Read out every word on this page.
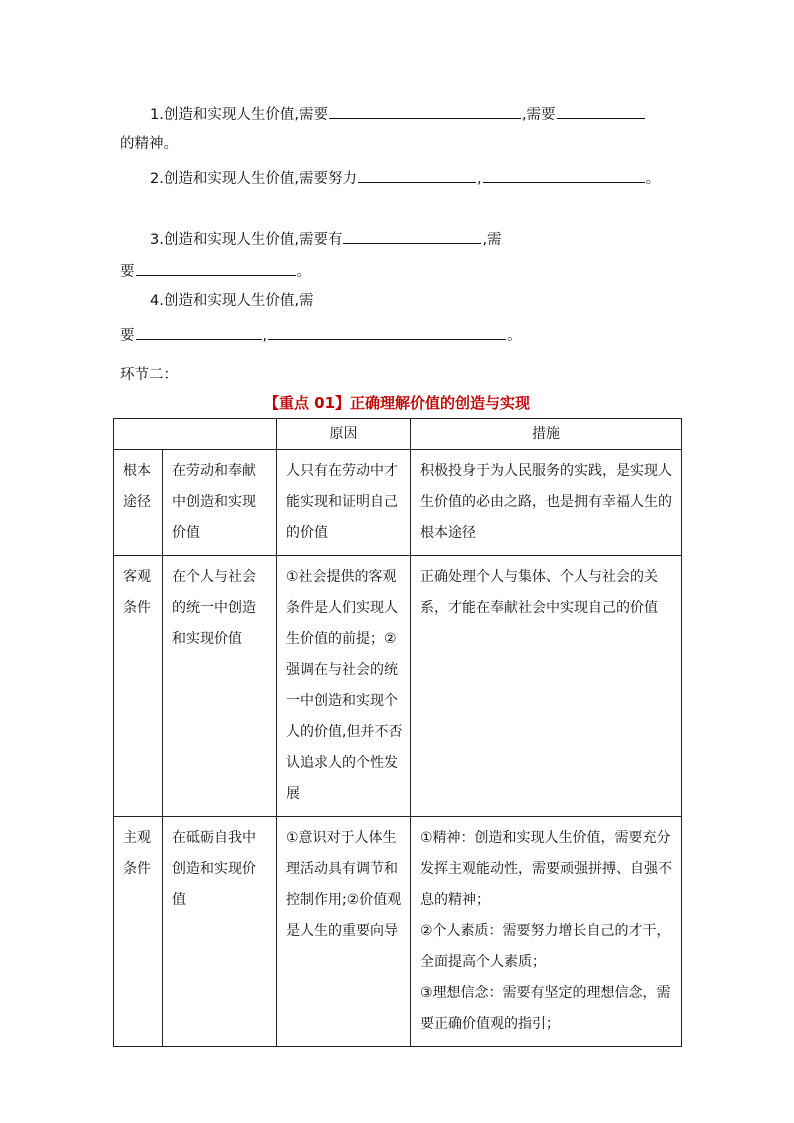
1.创造和实现人生价值,需要	,需要
的精神。
2.创造和实现人生价值,需要努力	,	。
3.创造和实现人生价值,需要有	,需
要	。
4.创造和实现人生价值,需
要	,	。
环节二：
【重点 01】正确理解价值的创造与实现
		原因	措施
根本途径	在劳动和奉献中创造和实现价值	人只有在劳动中才能实现和证明自己的价值	积极投身于为人民服务的实践，是实现人生价值的必由之路，也是拥有幸福人生的根本途径
客观条件	在个人与社会的统一中创造和实现价值	①社会提供的客观条件是人们实现人生价值的前提；②强调在与社会的统一中创造和实现个人的价值,但并不否认追求人的个性发展	正确处理个人与集体、个人与社会的关系，才能在奉献社会中实现自己的价值
主观条件	在砥砺自我中创造和实现价值	①意识对于人体生理活动具有调节和控制作用;②价值观是人生的重要向导	①精神：创造和实现人生价值，需要充分发挥主观能动性，需要顽强拼搏、自强不息的精神；
②个人素质：需要努力增长自己的才干，全面提高个人素质；
③理想信念：需要有坚定的理想信念，需要正确价值观的指引；
